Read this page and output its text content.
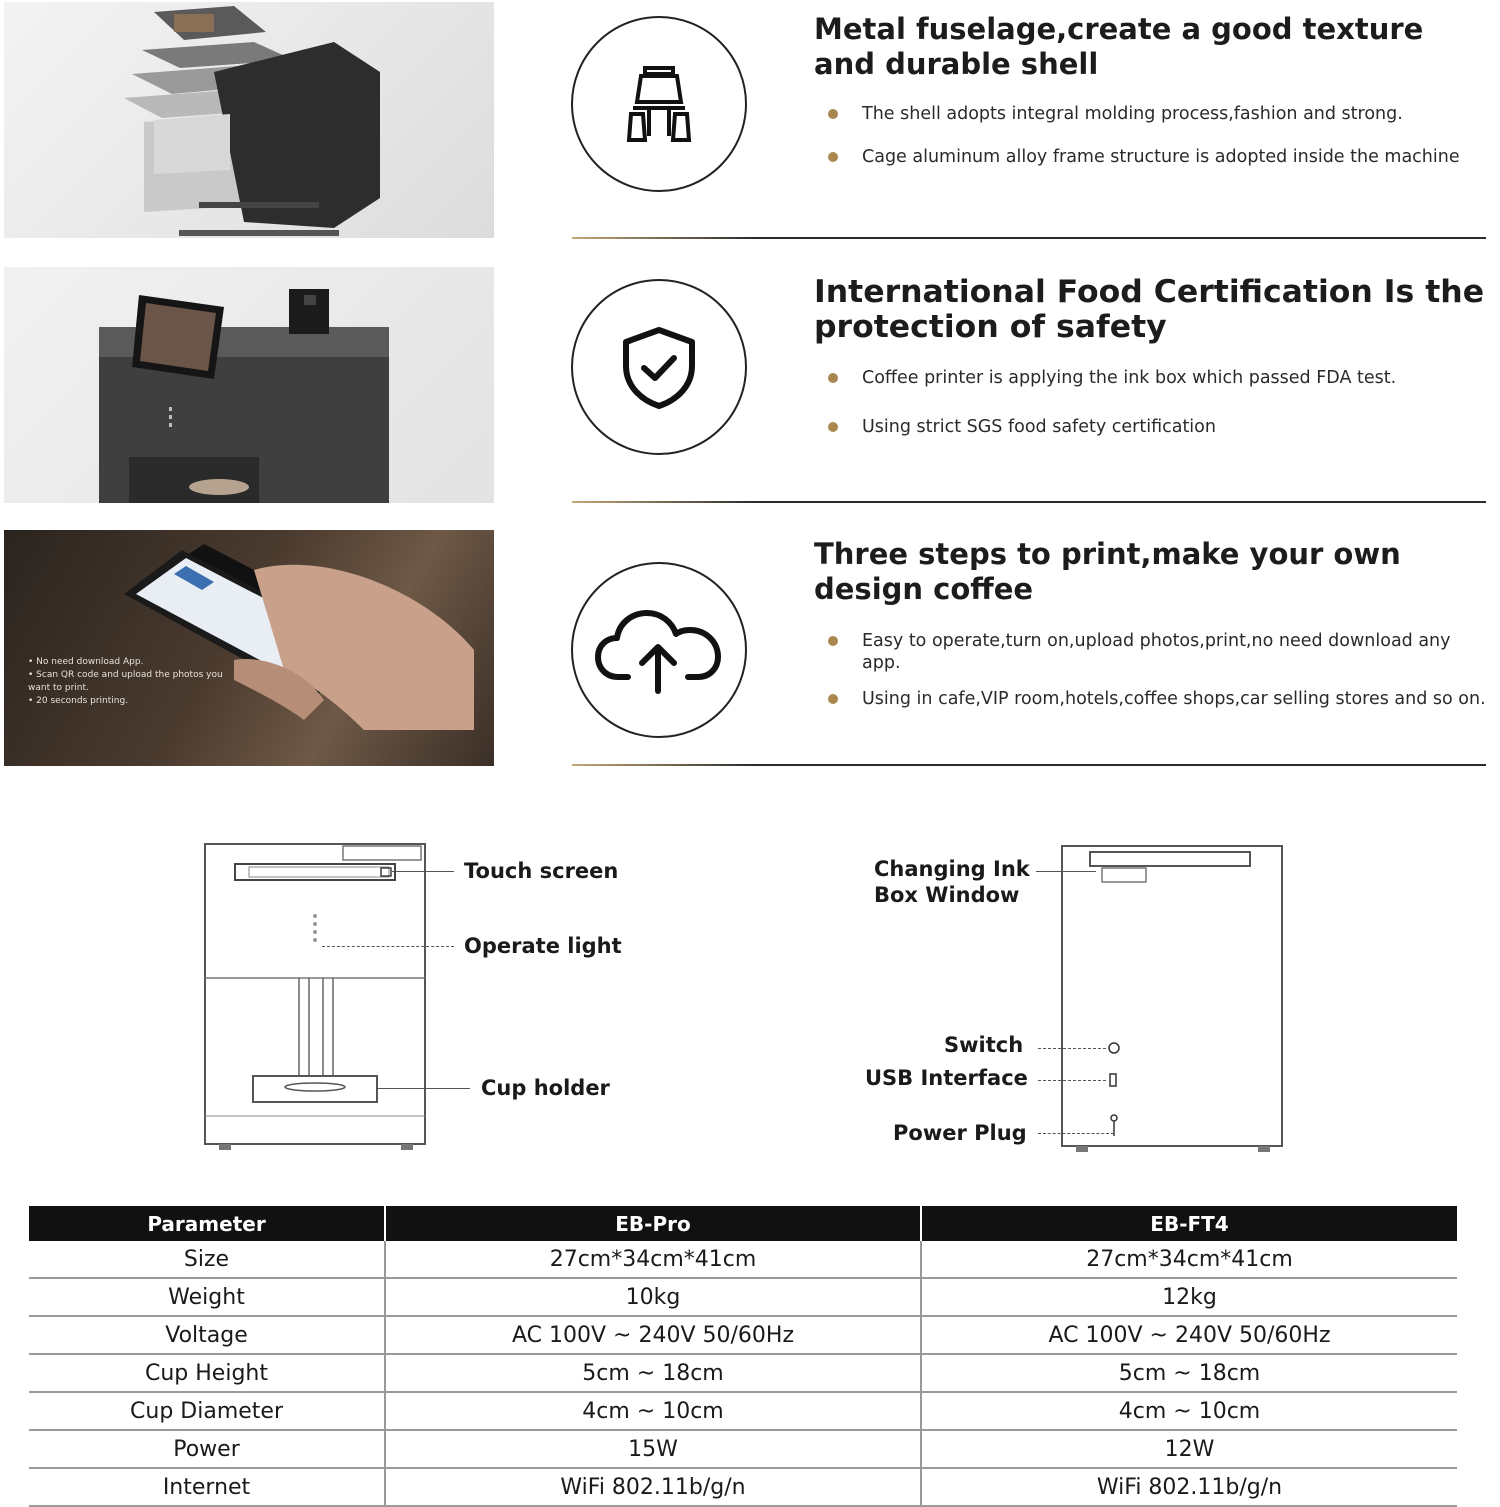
Metal fuselage,create a good texture and durable shell
The shell adopts integral molding process,fashion and strong.
Cage aluminum alloy frame structure is adopted inside the machine
International Food Certification Is the protection of safety
Coffee printer is applying the ink box which passed FDA test.
Using strict SGS food safety certification
• No need download App.
• Scan QR code and upload the photos you want to print.
• 20 seconds printing.
Three steps to print,make your own design coffee
Easy to operate,turn on,upload photos,print,no need download any app.
Using in cafe,VIP room,hotels,coffee shops,car selling stores and so on.
Touch screen
Operate light
Cup holder
Changing Ink Box Window
Switch
USB Interface
Power Plug
Parameter	EB-Pro	EB-FT4
Size	27cm*34cm*41cm	27cm*34cm*41cm
Weight	10kg	12kg
Voltage	AC 100V ~ 240V 50/60Hz	AC 100V ~ 240V 50/60Hz
Cup Height	5cm ~ 18cm	5cm ~ 18cm
Cup Diameter	4cm ~ 10cm	4cm ~ 10cm
Power	15W	12W
Internet	WiFi 802.11b/g/n	WiFi 802.11b/g/n
